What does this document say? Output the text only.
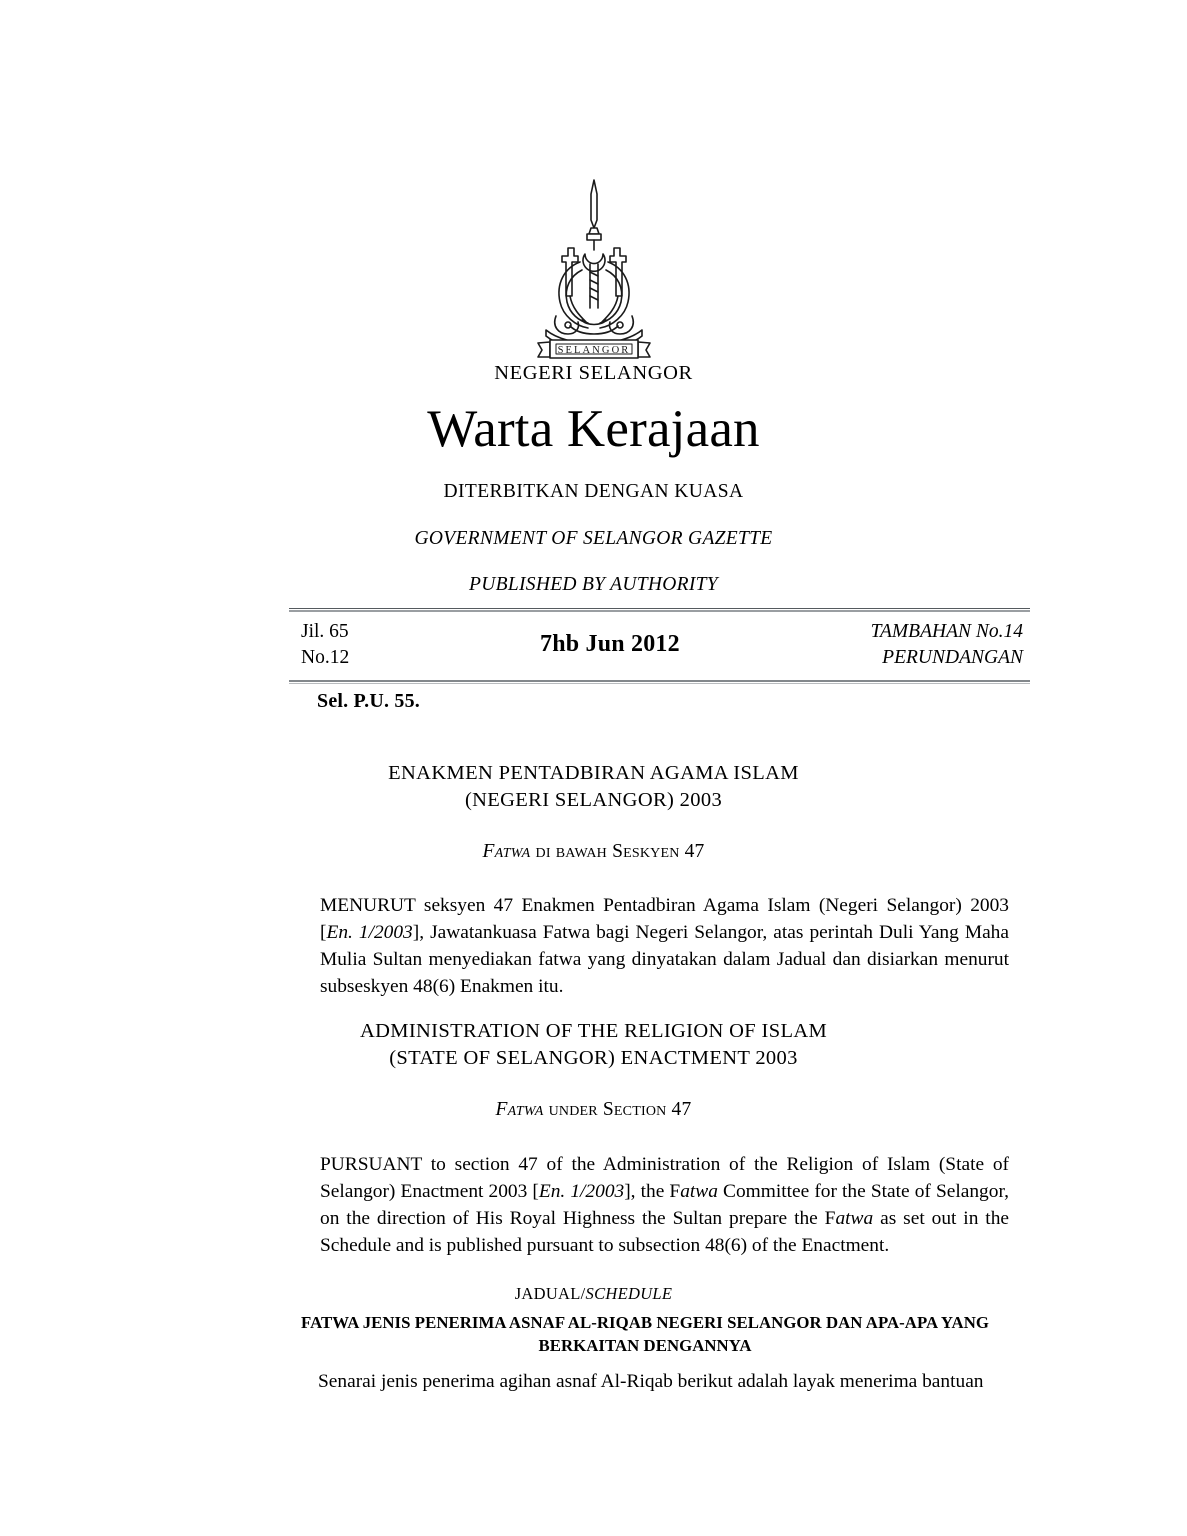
SELANGOR
NEGERI SELANGOR
Warta Kerajaan
DITERBITKAN DENGAN KUASA
GOVERNMENT OF SELANGOR GAZETTE
PUBLISHED BY AUTHORITY
Jil. 65
No.12	7hb Jun 2012	TAMBAHAN No.14
PERUNDANGAN
Sel. P.U. 55.
ENAKMEN PENTADBIRAN AGAMA ISLAM
(NEGERI SELANGOR) 2003
Fatwa di bawah Seskyen 47
MENURUT seksyen 47 Enakmen Pentadbiran Agama Islam (Negeri Selangor) 2003 [En. 1/2003], Jawatankuasa Fatwa bagi Negeri Selangor, atas perintah Duli Yang Maha Mulia Sultan menyediakan fatwa yang dinyatakan dalam Jadual dan disiarkan menurut subseskyen 48(6) Enakmen itu.
ADMINISTRATION OF THE RELIGION OF ISLAM
(STATE OF SELANGOR) ENACTMENT 2003
Fatwa under Section 47
PURSUANT to section 47 of the Administration of the Religion of Islam (State of Selangor) Enactment 2003 [En. 1/2003], the Fatwa Committee for the State of Selangor, on the direction of His Royal Highness the Sultan prepare the Fatwa as set out in the Schedule and is published pursuant to subsection 48(6) of the Enactment.
JADUAL/SCHEDULE
FATWA JENIS PENERIMA ASNAF AL-RIQAB NEGERI SELANGOR DAN APA-APA YANG BERKAITAN DENGANNYA
Senarai jenis penerima agihan asnaf Al-Riqab berikut adalah layak menerima bantuan
